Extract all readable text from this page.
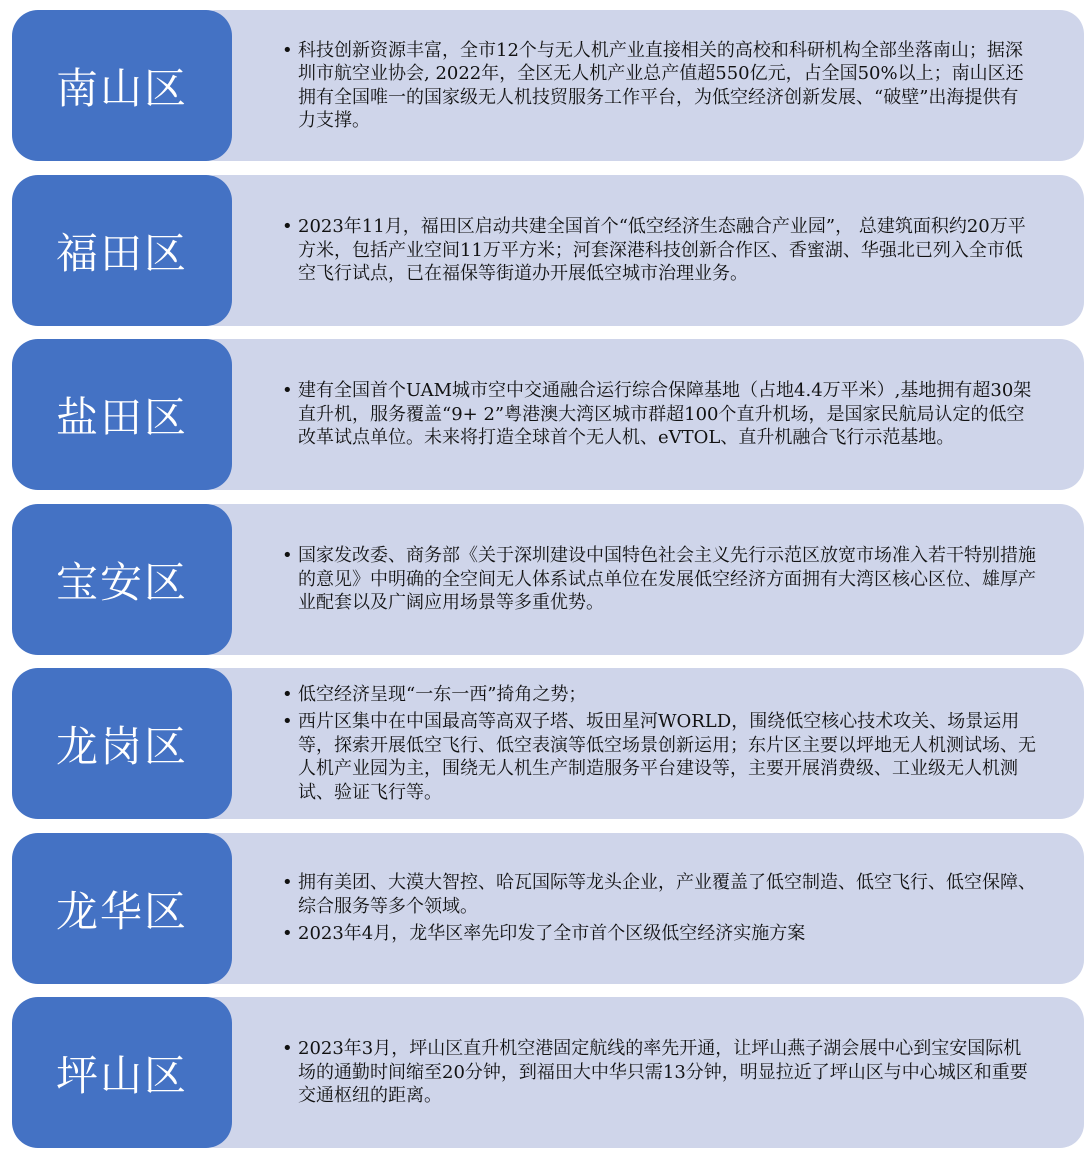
南山区
• 科技创新资源丰富，全市12个与无人机产业直接相关的高校和科研机构全部坐落南山；据深圳市航空业协会, 2022年，全区无人机产业总产值超550亿元，占全国50%以上；南山区还拥有全国唯一的国家级无人机技贸服务工作平台，为低空经济创新发展、“破壁”出海提供有力支撑。
福田区
• 2023年11月，福田区启动共建全国首个“低空经济生态融合产业园”， 总建筑面积约20万平方米，包括产业空间11万平方米；河套深港科技创新合作区、香蜜湖、华强北已列入全市低空飞行试点，已在福保等街道办开展低空城市治理业务。
盐田区
• 建有全国首个UAM城市空中交通融合运行综合保障基地（占地4.4万平米）,基地拥有超30架直升机，服务覆盖“9+ 2”粤港澳大湾区城市群超100个直升机场，是国家民航局认定的低空改革试点单位。未来将打造全球首个无人机、eVTOL、直升机融合飞行示范基地。
宝安区
• 国家发改委、商务部《关于深圳建设中国特色社会主义先行示范区放宽市场准入若干特别措施的意见》中明确的全空间无人体系试点单位在发展低空经济方面拥有大湾区核心区位、雄厚产业配套以及广阔应用场景等多重优势。
龙岗区
• 低空经济呈现“一东一西”掎角之势；
• 西片区集中在中国最高等高双子塔、坂田星河WORLD，围绕低空核心技术攻关、场景运用等，探索开展低空飞行、低空表演等低空场景创新运用；东片区主要以坪地无人机测试场、无人机产业园为主，围绕无人机生产制造服务平台建设等，主要开展消费级、工业级无人机测试、验证飞行等。
龙华区
• 拥有美团、大漠大智控、哈瓦国际等龙头企业，产业覆盖了低空制造、低空飞行、低空保障、综合服务等多个领域。
• 2023年4月，龙华区率先印发了全市首个区级低空经济实施方案
坪山区
• 2023年3月，坪山区直升机空港固定航线的率先开通，让坪山燕子湖会展中心到宝安国际机场的通勤时间缩至20分钟，到福田大中华只需13分钟，明显拉近了坪山区与中心城区和重要交通枢纽的距离。
